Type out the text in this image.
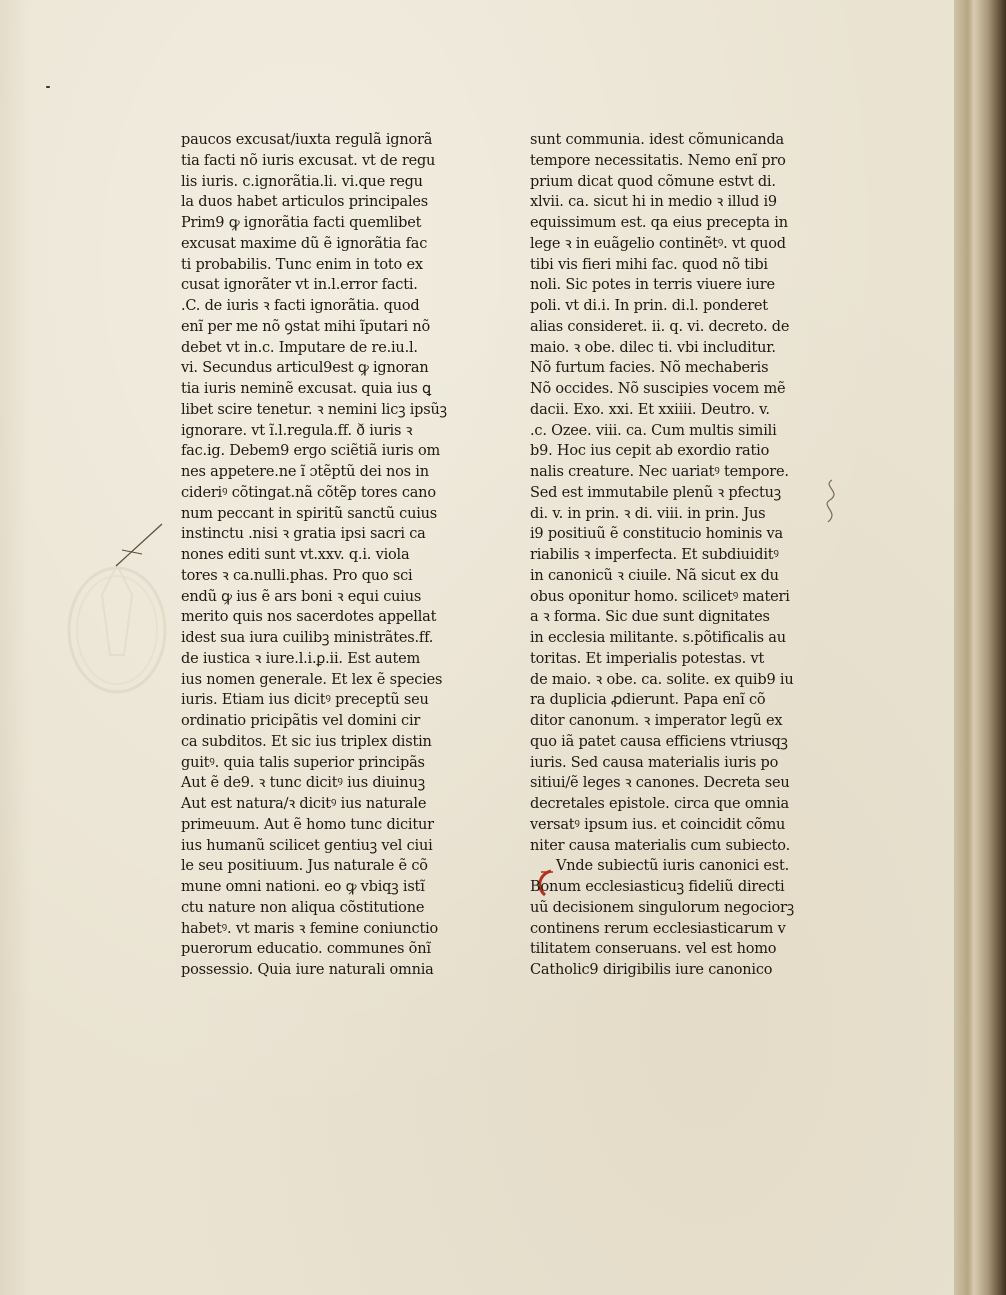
paucos excusat/iuxta regulã ignorã
tia facti nõ iuris excusat. vt de regu
lis iuris. c.ignorãtia.li. vi.que regu
la duos habet articulos principales
Prim9 ꝙ ignorãtia facti quemlibet
excusat maxime dũ ẽ ignorãtia fac
ti probabilis. Tunc enim in toto ex
cusat ignorãter vt in.l.error facti.
.C. de iuris ꝛ facti ignorãtia. quod
enĩ per me nõ ꝯstat mihi ĩputari nõ
debet vt in.c. Imputare de re.iu.l.
vi. Secundus articul9est ꝙ ignoran
tia iuris neminẽ excusat. quia ius ꝗ
libet scire tenetur. ꝛ nemini licꝫ ipsũꝫ
ignorare. vt ĩ.l.regula.ff. ð iuris ꝛ
fac.ig. Debem9 ergo sciẽtiã iuris om
nes appetere.ne ĩ ɔtẽptũ dei nos in
cideriꝰ cõtingat.nã cõtẽp tores cano
num peccant in spiritũ sanctũ cuius
instinctu .nisi ꝛ gratia ipsi sacri ca
nones editi sunt vt.xxv. q.i. viola
tores ꝛ ca.nulli.phas. Pro quo sci
endũ ꝙ ius ẽ ars boni ꝛ equi cuius
merito quis nos sacerdotes appellat
idest sua iura cuilibꝫ ministrãtes.ff.
de iustica ꝛ iure.l.i.ꝑ.ii. Est autem
ius nomen generale. Et lex ẽ species
iuris. Etiam ius dicitꝰ preceptũ seu
ordinatio pricipãtis vel domini cir
ca subditos. Et sic ius triplex distin
guitꝰ. quia talis superior principãs
Aut ẽ de9. ꝛ tunc dicitꝰ ius diuinuꝫ
Aut est natura/ꝛ dicitꝰ ius naturale
primeuum. Aut ẽ homo tunc dicitur
ius humanũ scilicet gentiuꝫ vel ciui
le seu positiuum. Jus naturale ẽ cõ
mune omni nationi. eo ꝙ vbiqꝫ istĩ
ctu nature non aliqua cõstitutione
habetꝰ. vt maris ꝛ femine coniunctio
puerorum educatio. communes õnĩ
possessio. Quia iure naturali omnia
sunt communia. idest cõmunicanda
tempore necessitatis. Nemo enĩ pro
prium dicat quod cõmune estvt di.
xlvii. ca. sicut hi in medio ꝛ illud i9
equissimum est. qa eius precepta in
lege ꝛ in euãgelio continẽtꝰ. vt quod
tibi vis fieri mihi fac. quod nõ tibi
noli. Sic potes in terris viuere iure
poli. vt di.i. In prin. di.l. ponderet
alias consideret. ii. q. vi. decreto. de
maio. ꝛ obe. dilec ti. vbi includitur.
Nõ furtum facies. Nõ mechaberis
Nõ occides. Nõ suscipies vocem mẽ
dacii. Exo. xxi. Et xxiiii. Deutro. v.
.c. Ozee. viii. ca. Cum multis simili
b9. Hoc ius cepit ab exordio ratio
nalis creature. Nec uariatꝰ tempore.
Sed est immutabile plenũ ꝛ pfectuꝫ
di. v. in prin. ꝛ di. viii. in prin. Jus
i9 positiuũ ẽ constitucio hominis va
riabilis ꝛ imperfecta. Et subdiuiditꝰ
in canonicũ ꝛ ciuile. Nã sicut ex du
obus oponitur homo. scilicetꝰ materi
a ꝛ forma. Sic due sunt dignitates
in ecclesia militante. s.põtificalis au
toritas. Et imperialis potestas. vt
de maio. ꝛ obe. ca. solite. ex quib9 iu
ra duplicia ꝓdierunt. Papa enĩ cõ
ditor canonum. ꝛ imperator legũ ex
quo iã patet causa efficiens vtriusqꝫ
iuris. Sed causa materialis iuris po
sitiui/ẽ leges ꝛ canones. Decreta seu
decretales epistole. circa que omnia
versatꝰ ipsum ius. et coincidit cõmu
niter causa materialis cum subiecto.
Vnde subiectũ iuris canonici est.
Bonum ecclesiasticuꝫ fideliũ directi
uũ decisionem singulorum negociorꝫ
continens rerum ecclesiasticarum v
tilitatem conseruans. vel est homo
Catholic9 dirigibilis iure canonico
